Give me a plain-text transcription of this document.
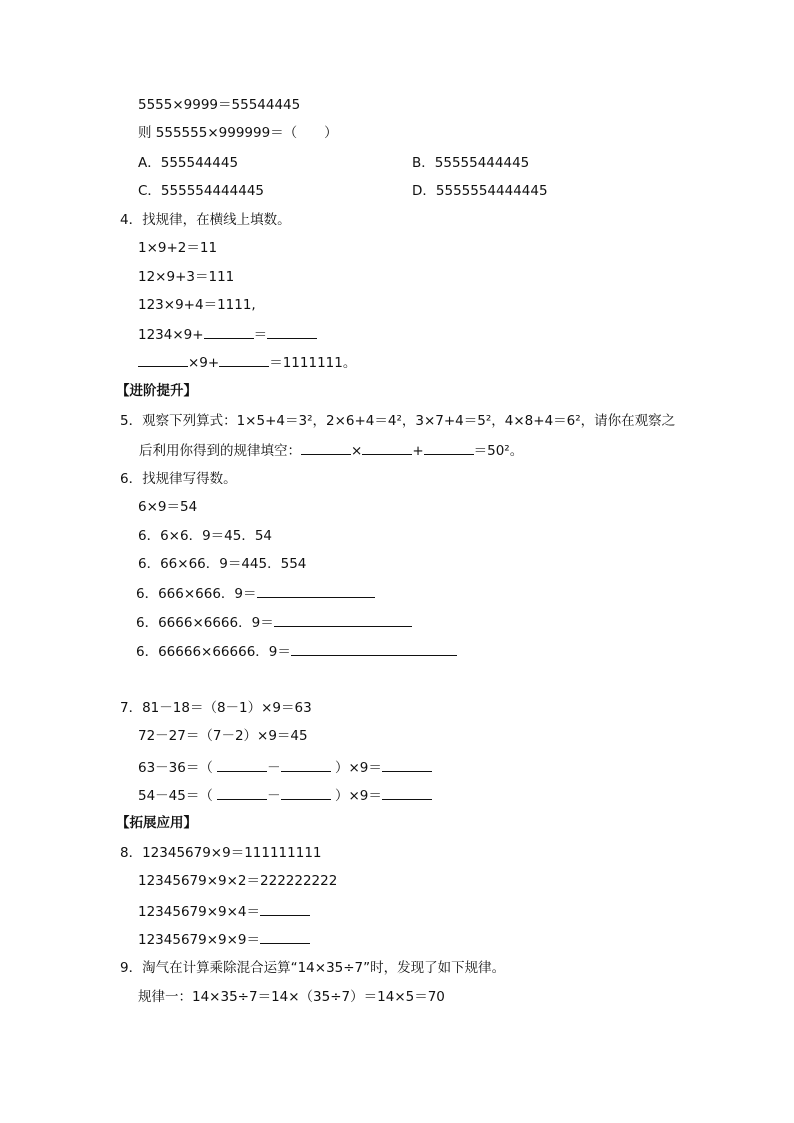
5555×9999＝55544445
则 555555×999999＝（　　）
A．555544445	B．55555444445
C．555554444445	D．5555554444445
4．找规律，在横线上填数。
1×9+2＝11
12×9+3＝111
123×9+4＝1111,
1234×9+	＝
×9+	＝1111111。
【进阶提升】
5．观察下列算式：1×5+4＝3²，2×6+4＝4²，3×7+4＝5²，4×8+4＝6²，请你在观察之
后利用你得到的规律填空：	×	+	＝50²。
6．找规律写得数。
6×9＝54
6．6×6．9＝45．54
6．66×66．9＝445．554
6．666×666．9＝
6．6666×6666．9＝
6．66666×66666．9＝
7．81－18＝（8－1）×9＝63
72－27＝（7－2）×9＝45
63－36＝（	－	）×9＝
54－45＝（	－	）×9＝
【拓展应用】
8．12345679×9＝111111111
12345679×9×2＝222222222
12345679×9×4＝
12345679×9×9＝
9．淘气在计算乘除混合运算“14×35÷7”时，发现了如下规律。
规律一：14×35÷7＝14×（35÷7）＝14×5＝70
